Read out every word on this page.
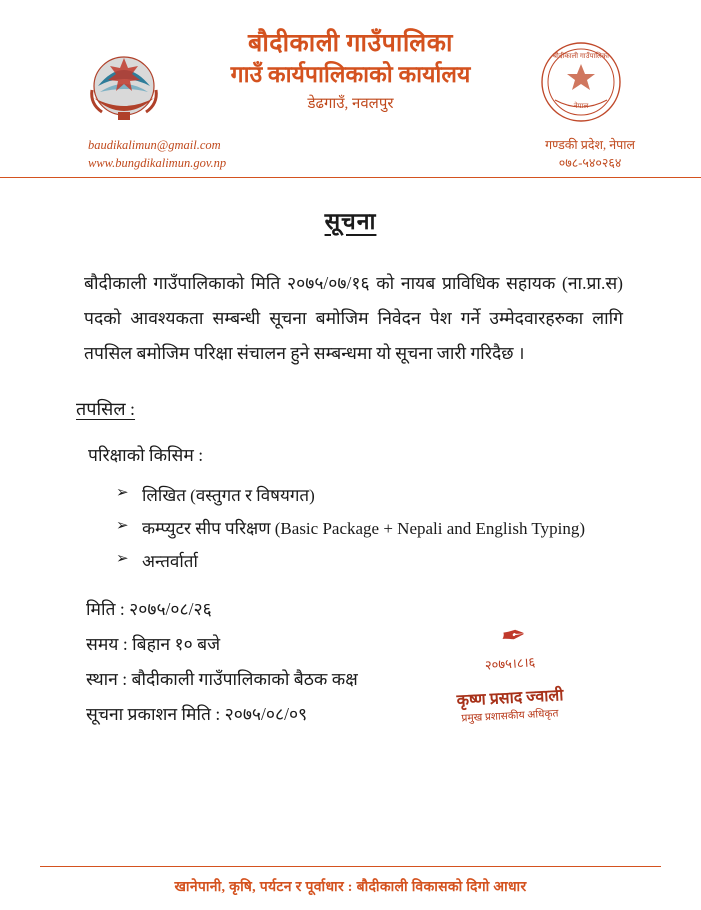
बौदीकाली गाउँपालिका
गाउँ कार्यपालिकाको कार्यालय
डेढगाउँ, नवलपुर
बौदीकाली गाउँपालिका
नेपाल
baudikalimun@gmail.com
www.bungdikalimun.gov.np
गण्डकी प्रदेश, नेपाल
०७८-५४०२६४
सूचना

बौदीकाली गाउँपालिकाको मिति २०७५/०७/१६ को नायब प्राविधिक सहायक (ना.प्रा.स) पदको आवश्यकता सम्बन्धी सूचना बमोजिम निवेदन पेश गर्ने उम्मेदवारहरुका लागि तपसिल बमोजिम परिक्षा संचालन हुने सम्बन्धमा यो सूचना जारी गरिदैछ ।

तपसिल :
परिक्षाको किसिम :
➢ लिखित (वस्तुगत र विषयगत)
➢ कम्प्युटर सीप परिक्षण (Basic Package + Nepali and English Typing)
➢ अन्तर्वार्ता
मिति : २०७५/०८/२६
समय : बिहान १० बजे
स्थान : बौदीकाली गाउँपालिकाको बैठक कक्ष
सूचना प्रकाशन मिति : २०७५/०८/०९
✒
२०७५।८।६
कृष्ण प्रसाद ज्वाली
प्रमुख प्रशासकीय अधिकृत
खानेपानी, कृषि, पर्यटन र पूर्वाधार : बौदीकाली विकासको दिगो आधार
